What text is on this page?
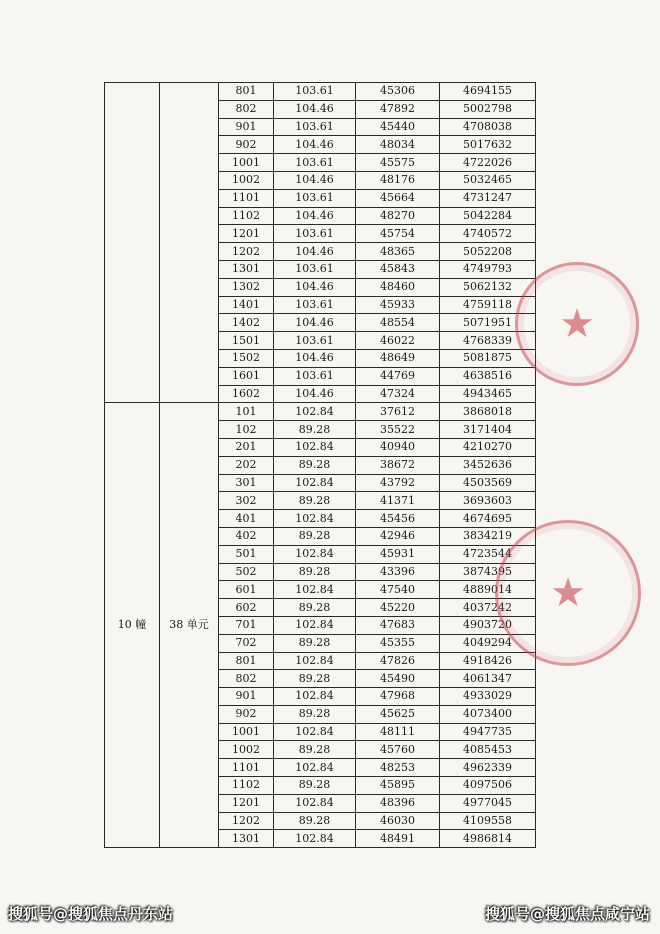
		801	103.61	45306	4694155
		802	104.46	47892	5002798
		901	103.61	45440	4708038
		902	104.46	48034	5017632
		1001	103.61	45575	4722026
		1002	104.46	48176	5032465
		1101	103.61	45664	4731247
		1102	104.46	48270	5042284
		1201	103.61	45754	4740572
		1202	104.46	48365	5052208
		1301	103.61	45843	4749793
		1302	104.46	48460	5062132
		1401	103.61	45933	4759118
		1402	104.46	48554	5071951
		1501	103.61	46022	4768339
		1502	104.46	48649	5081875
		1601	103.61	44769	4638516
		1602	104.46	47324	4943465
10 幢	38 单元	101	102.84	37612	3868018
		102	89.28	35522	3171404
		201	102.84	40940	4210270
		202	89.28	38672	3452636
		301	102.84	43792	4503569
		302	89.28	41371	3693603
		401	102.84	45456	4674695
		402	89.28	42946	3834219
		501	102.84	45931	4723544
		502	89.28	43396	3874395
		601	102.84	47540	4889014
		602	89.28	45220	4037242
		701	102.84	47683	4903720
		702	89.28	45355	4049294
		801	102.84	47826	4918426
		802	89.28	45490	4061347
		901	102.84	47968	4933029
		902	89.28	45625	4073400
		1001	102.84	48111	4947735
		1002	89.28	45760	4085453
		1101	102.84	48253	4962339
		1102	89.28	45895	4097506
		1201	102.84	48396	4977045
		1202	89.28	46030	4109558
		1301	102.84	48491	4986814
★
★
搜狐号@搜狐焦点丹东站	搜狐号@搜狐焦点咸宁站
